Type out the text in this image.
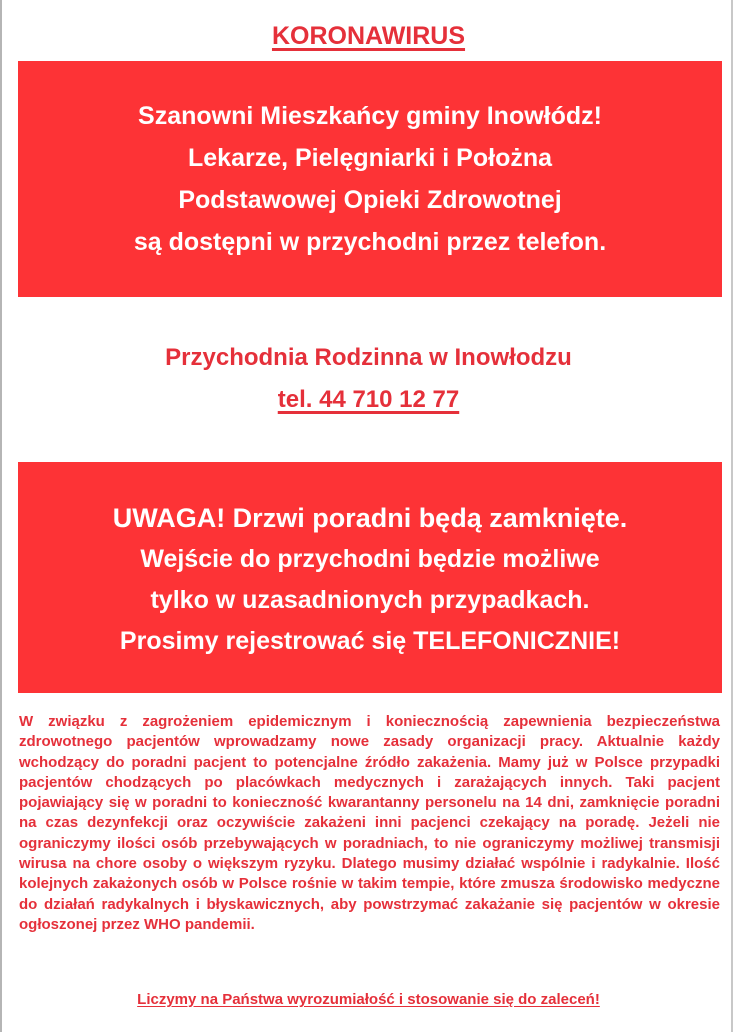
KORONAWIRUS
Szanowni Mieszkańcy gminy Inowłódz!
Lekarze, Pielęgniarki i Położna
Podstawowej Opieki Zdrowotnej
są dostępni w przychodni przez telefon.
Przychodnia Rodzinna w Inowłodzu
tel. 44 710 12 77
UWAGA! Drzwi poradni będą zamknięte.
Wejście do przychodni będzie możliwe
tylko w uzasadnionych przypadkach.
Prosimy rejestrować się TELEFONICZNIE!
W związku z zagrożeniem epidemicznym i koniecznością zapewnienia bezpieczeństwa zdrowotnego pacjentów wprowadzamy nowe zasady organizacji pracy. Aktualnie każdy wchodzący do poradni pacjent to potencjalne źródło zakażenia. Mamy już w Polsce przypadki pacjentów chodzących po placówkach medycznych i zarażających innych. Taki pacjent pojawiający się w poradni to konieczność kwarantanny personelu na 14 dni, zamknięcie poradni na czas dezynfekcji oraz oczywiście zakażeni inni pacjenci czekający na poradę. Jeżeli nie ograniczymy ilości osób przebywających w poradniach, to nie ograniczymy możliwej transmisji wirusa na chore osoby o większym ryzyku. Dlatego musimy działać wspólnie i radykalnie. Ilość kolejnych zakażonych osób w Polsce rośnie w takim tempie, które zmusza środowisko medyczne do działań radykalnych i błyskawicznych, aby powstrzymać zakażanie się pacjentów w okresie ogłoszonej przez WHO pandemii.
Liczymy na Państwa wyrozumiałość i stosowanie się do zaleceń!
